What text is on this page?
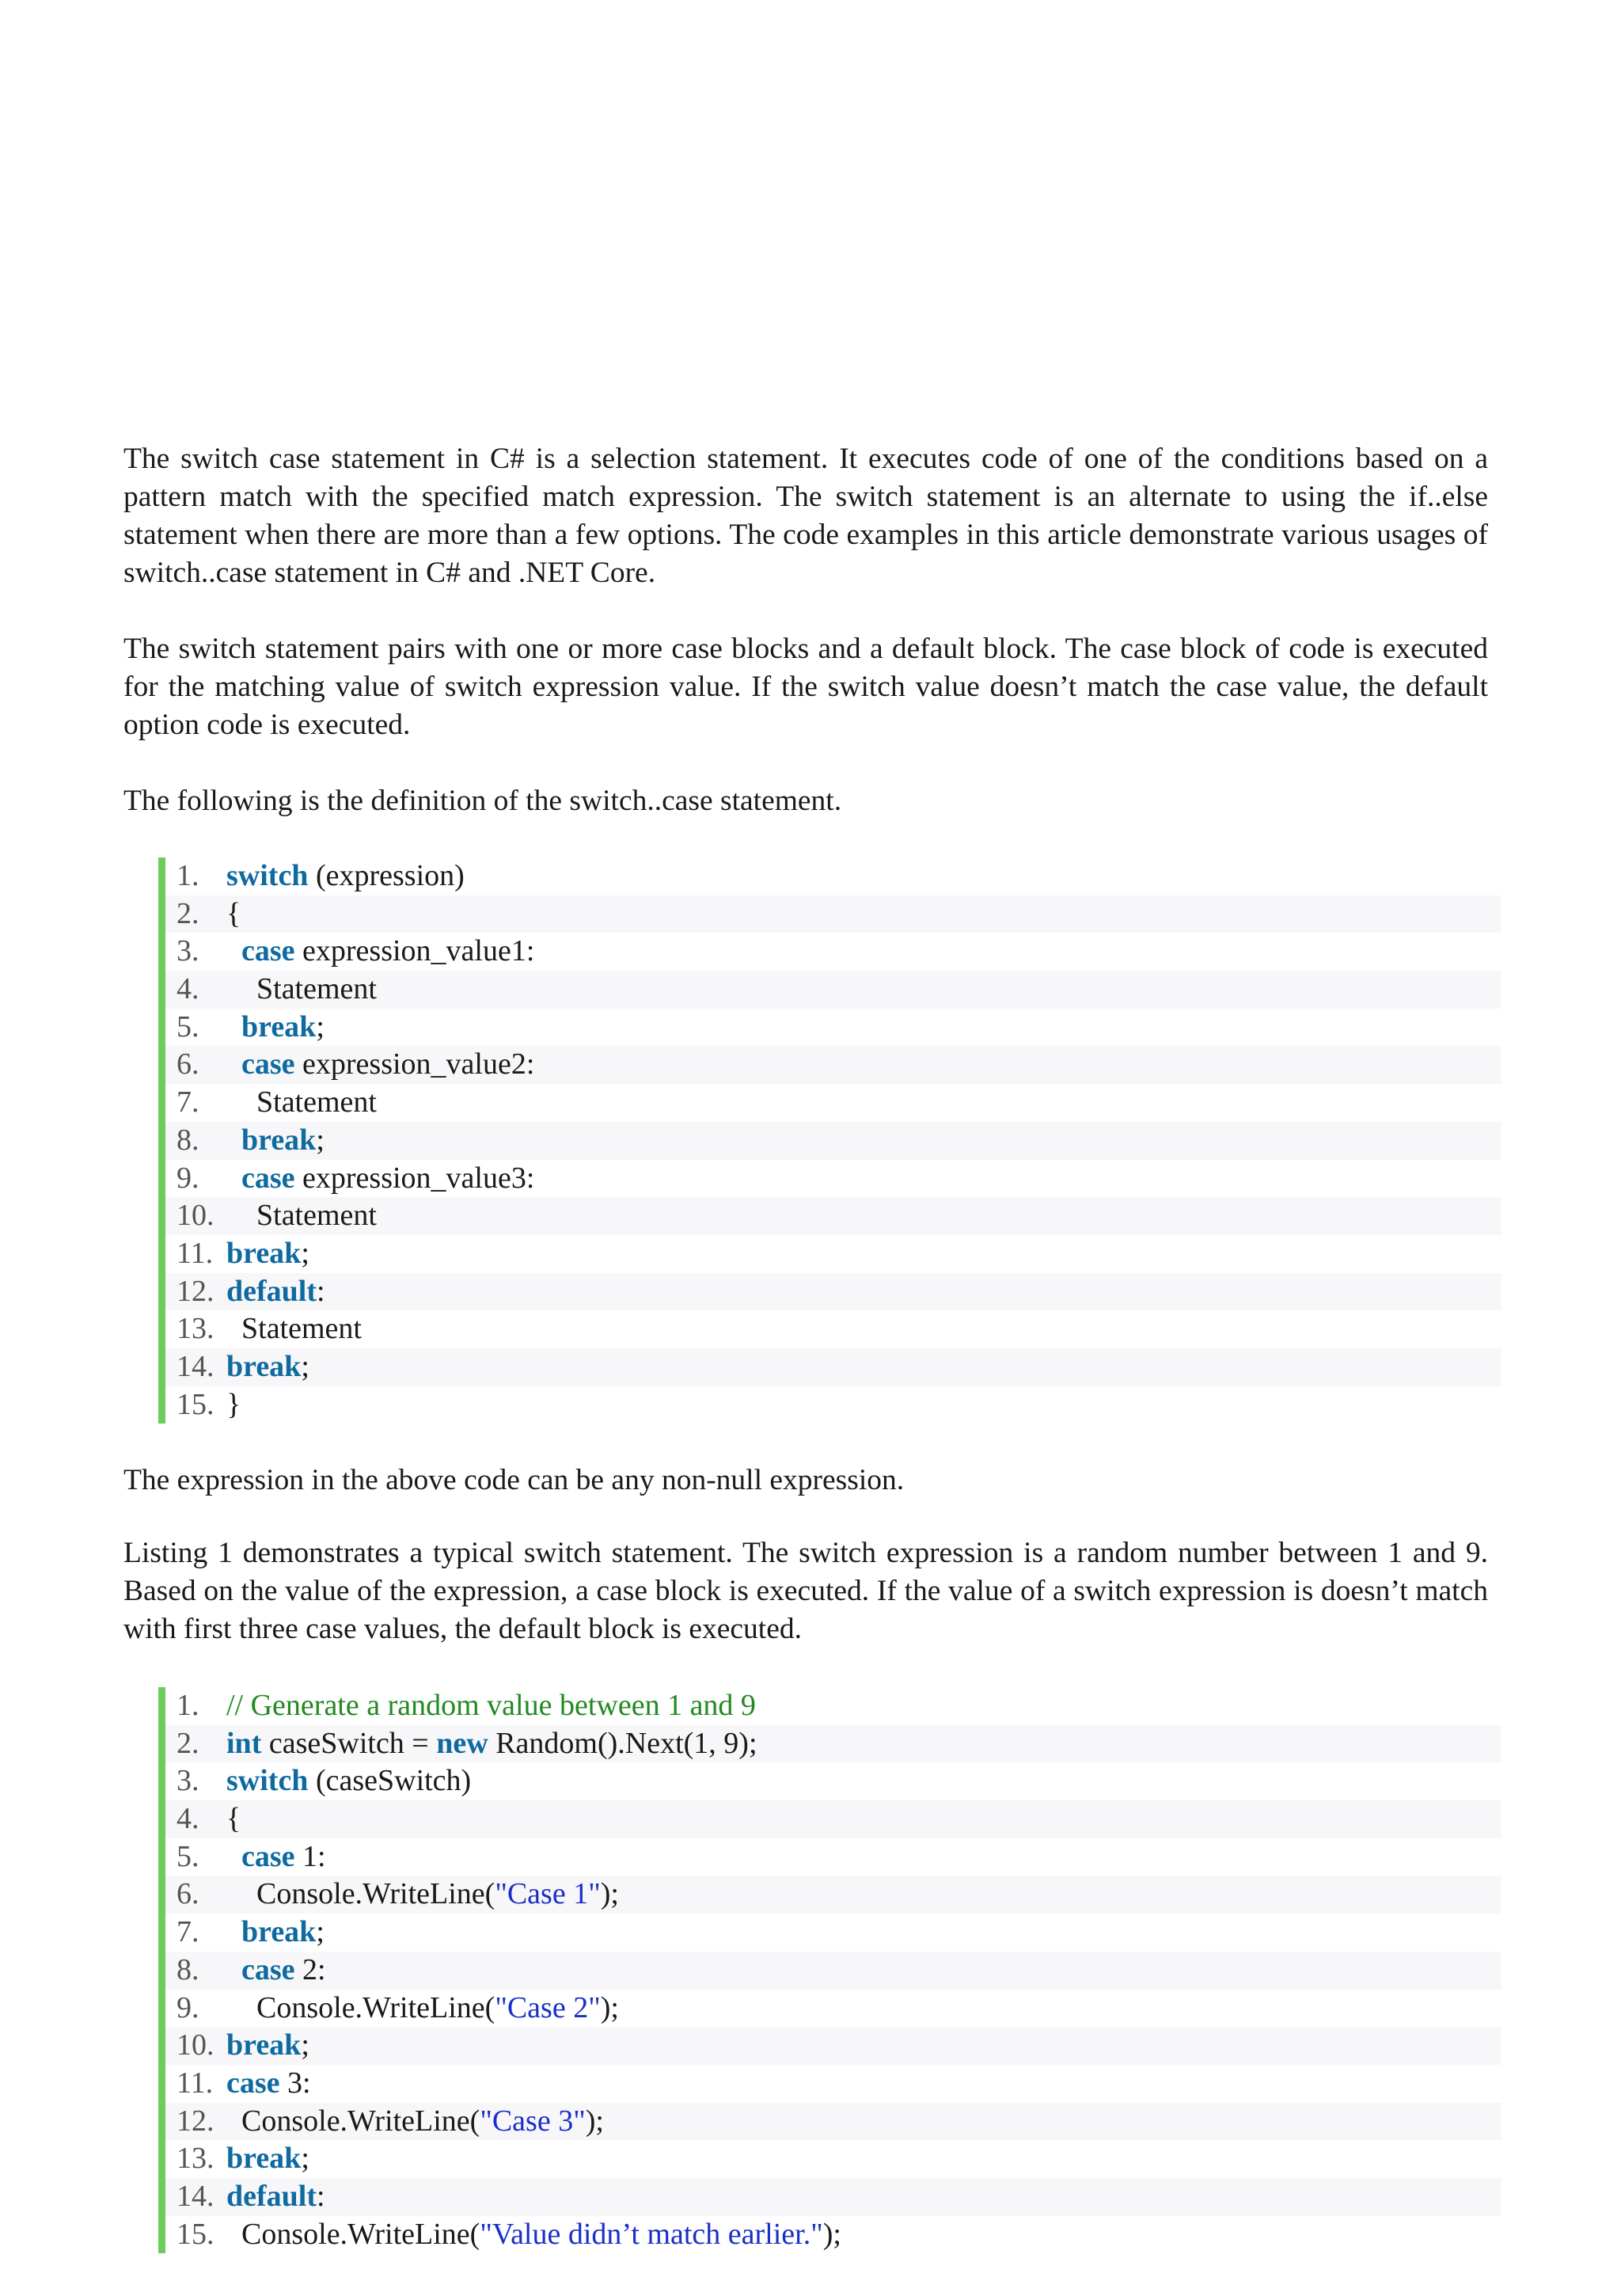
The switch case statement in C# is a selection statement. It executes code of one of the conditions based on a pattern match with the specified match expression. The switch statement is an alternate to using the if..else statement when there are more than a few options. The code examples in this article demonstrate various usages of switch..case statement in C# and .NET Core.

The switch statement pairs with one or more case blocks and a default block. The case block of code is executed for the matching value of switch expression value. If the switch value doesn’t match the case value, the default option code is executed.

The following is the definition of the switch..case statement.

1. switch (expression)
2. {
3. case expression_value1:
4. Statement
5. break;
6. case expression_value2:
7. Statement
8. break;
9. case expression_value3:
10. Statement
11. break;
12. default:
13. Statement
14. break;
15. }

The expression in the above code can be any non-null expression.

Listing 1 demonstrates a typical switch statement. The switch expression is a random number between 1 and 9. Based on the value of the expression, a case block is executed. If the value of a switch expression is doesn’t match with first three case values, the default block is executed.

1. // Generate a random value between 1 and 9
2. int caseSwitch = new Random().Next(1, 9);
3. switch (caseSwitch)
4. {
5. case 1:
6. Console.WriteLine("Case 1");
7. break;
8. case 2:
9. Console.WriteLine("Case 2");
10. break;
11. case 3:
12. Console.WriteLine("Case 3");
13. break;
14. default:
15. Console.WriteLine("Value didn’t match earlier.");
